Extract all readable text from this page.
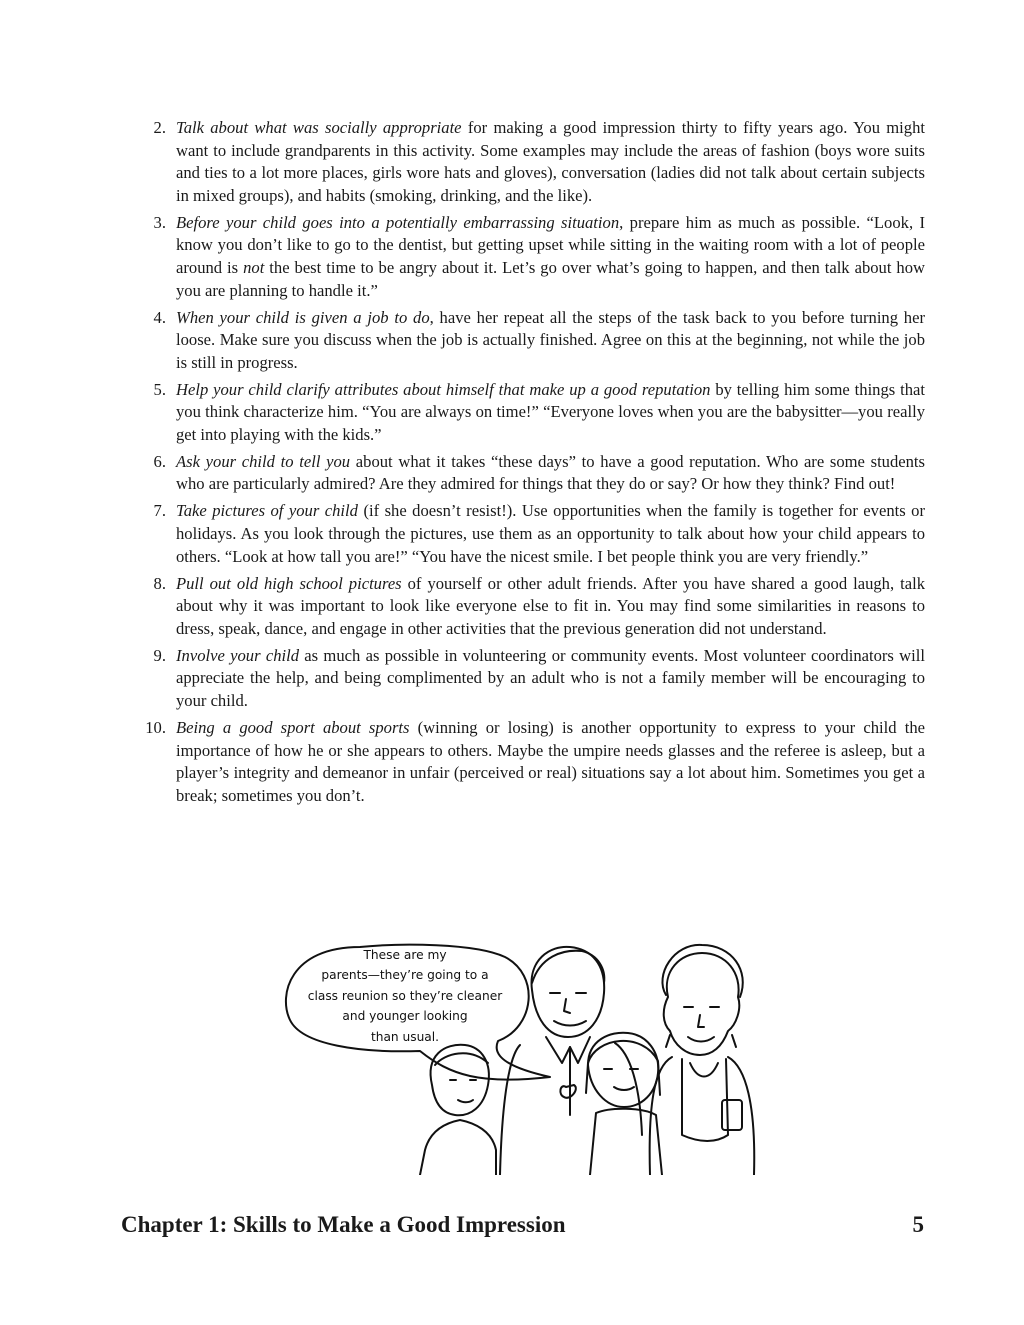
2. Talk about what was socially appropriate for making a good impression thirty to fifty years ago. You might want to include grandparents in this activity. Some examples may include the areas of fashion (boys wore suits and ties to a lot more places, girls wore hats and gloves), conversation (ladies did not talk about certain subjects in mixed groups), and habits (smoking, drinking, and the like).
3. Before your child goes into a potentially embarrassing situation, prepare him as much as possible. “Look, I know you don’t like to go to the dentist, but getting upset while sitting in the waiting room with a lot of people around is not the best time to be angry about it. Let’s go over what’s going to happen, and then talk about how you are planning to handle it.”
4. When your child is given a job to do, have her repeat all the steps of the task back to you before turning her loose. Make sure you discuss when the job is actually finished. Agree on this at the beginning, not while the job is still in progress.
5. Help your child clarify attributes about himself that make up a good reputation by telling him some things that you think characterize him. “You are always on time!” “Everyone loves when you are the babysitter—you really get into playing with the kids.”
6. Ask your child to tell you about what it takes “these days” to have a good reputation. Who are some students who are particularly admired? Are they admired for things that they do or say? Or how they think? Find out!
7. Take pictures of your child (if she doesn’t resist!). Use opportunities when the family is together for events or holidays. As you look through the pictures, use them as an opportunity to talk about how your child appears to others. “Look at how tall you are!” “You have the nicest smile. I bet people think you are very friendly.”
8. Pull out old high school pictures of yourself or other adult friends. After you have shared a good laugh, talk about why it was important to look like everyone else to fit in. You may find some similarities in reasons to dress, speak, dance, and engage in other activities that the previous generation did not understand.
9. Involve your child as much as possible in volunteering or community events. Most volunteer coordinators will appreciate the help, and being complimented by an adult who is not a family member will be encouraging to your child.
10. Being a good sport about sports (winning or losing) is another opportunity to express to your child the importance of how he or she appears to others. Maybe the umpire needs glasses and the referee is asleep, but a player’s integrity and demeanor in unfair (perceived or real) situations say a lot about him. Sometimes you get a break; sometimes you don’t.
These are my
parents—they’re going to a
class reunion so they’re cleaner
and younger looking
than usual.
Chapter 1: Skills to Make a Good Impression	5
